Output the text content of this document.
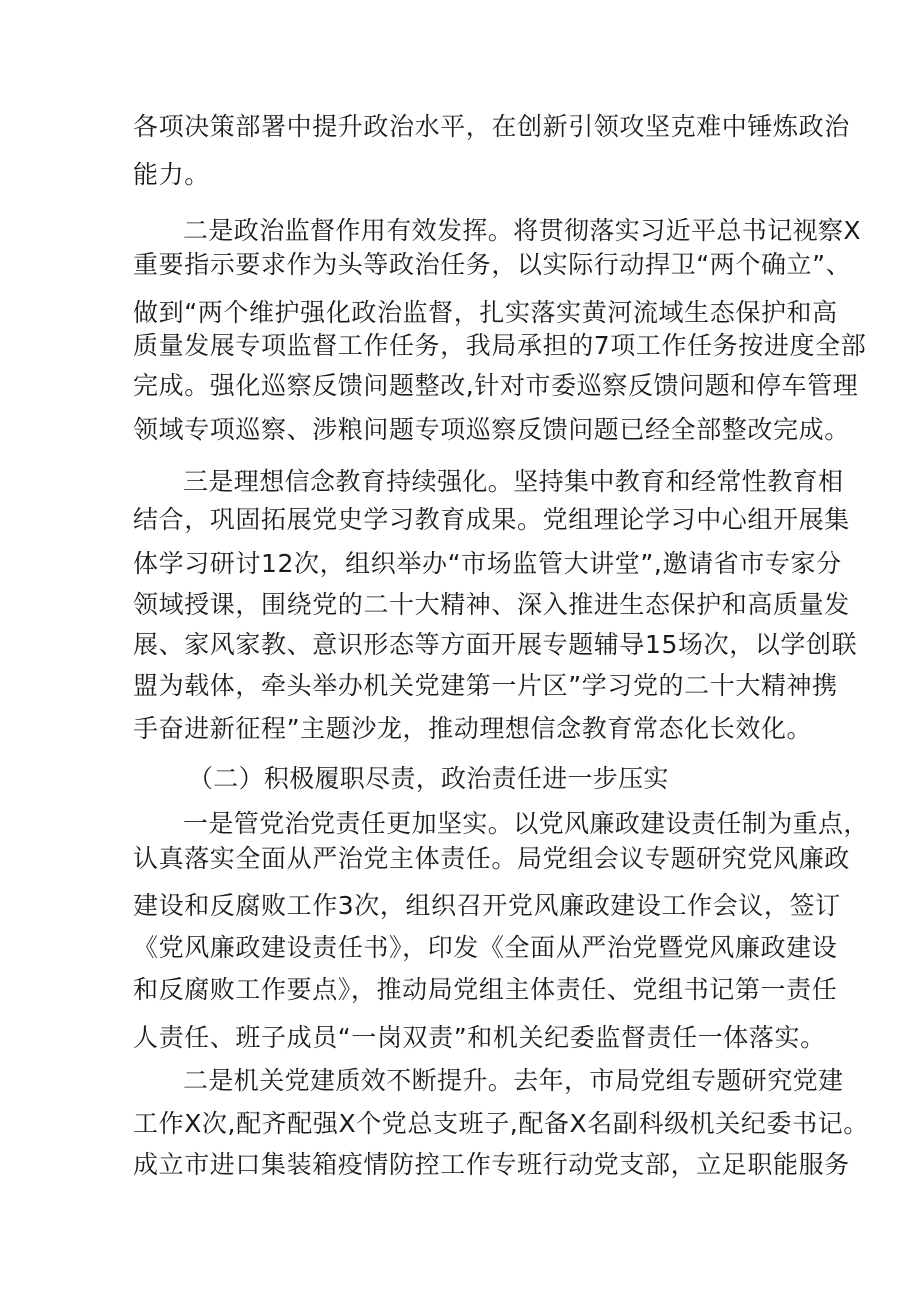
各项决策部署中提升政治水平，在创新引领攻坚克难中锤炼政治
能力。
二是政治监督作用有效发挥。将贯彻落实习近平总书记视察X
重要指示要求作为头等政治任务，以实际行动捍卫“两个确立”、
做到“两个维护强化政治监督，扎实落实黄河流域生态保护和高
质量发展专项监督工作任务，我局承担的7项工作任务按进度全部
完成。强化巡察反馈问题整改,针对市委巡察反馈问题和停车管理
领域专项巡察、涉粮问题专项巡察反馈问题已经全部整改完成。
三是理想信念教育持续强化。坚持集中教育和经常性教育相
结合，巩固拓展党史学习教育成果。党组理论学习中心组开展集
体学习研讨12次，组织举办“市场监管大讲堂”,邀请省市专家分
领域授课，围绕党的二十大精神、深入推进生态保护和高质量发
展、家风家教、意识形态等方面开展专题辅导15场次，以学创联
盟为载体，牵头举办机关党建第一片区”学习党的二十大精神携
手奋进新征程”主题沙龙，推动理想信念教育常态化长效化。
（二）积极履职尽责，政治责任进一步压实
一是管党治党责任更加坚实。以党风廉政建设责任制为重点，
认真落实全面从严治党主体责任。局党组会议专题研究党风廉政
建设和反腐败工作3次，组织召开党风廉政建设工作会议，签订
《党风廉政建设责任书》，印发《全面从严治党暨党风廉政建设
和反腐败工作要点》，推动局党组主体责任、党组书记第一责任
人责任、班子成员“一岗双责”和机关纪委监督责任一体落实。
二是机关党建质效不断提升。去年，市局党组专题研究党建
工作X次,配齐配强X个党总支班子,配备X名副科级机关纪委书记。
成立市进口集装箱疫情防控工作专班行动党支部，立足职能服务
